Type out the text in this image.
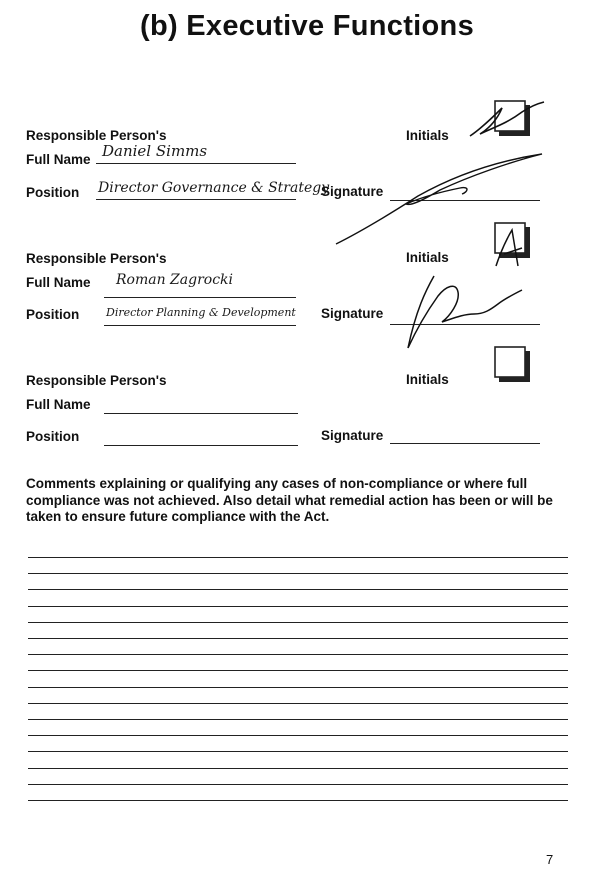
(b) Executive Functions
Responsible Person's
Full Name Daniel Simms
Position Director Governance & Strategy
Initials
Signature
Responsible Person's
Full Name Roman Zagrocki
Position Director Planning & Development
Initials
Signature
Responsible Person's
Full Name
Position
Initials
Signature
Comments explaining or qualifying any cases of non-compliance or where full compliance was not achieved. Also detail what remedial action has been or will be taken to ensure future compliance with the Act.
7
